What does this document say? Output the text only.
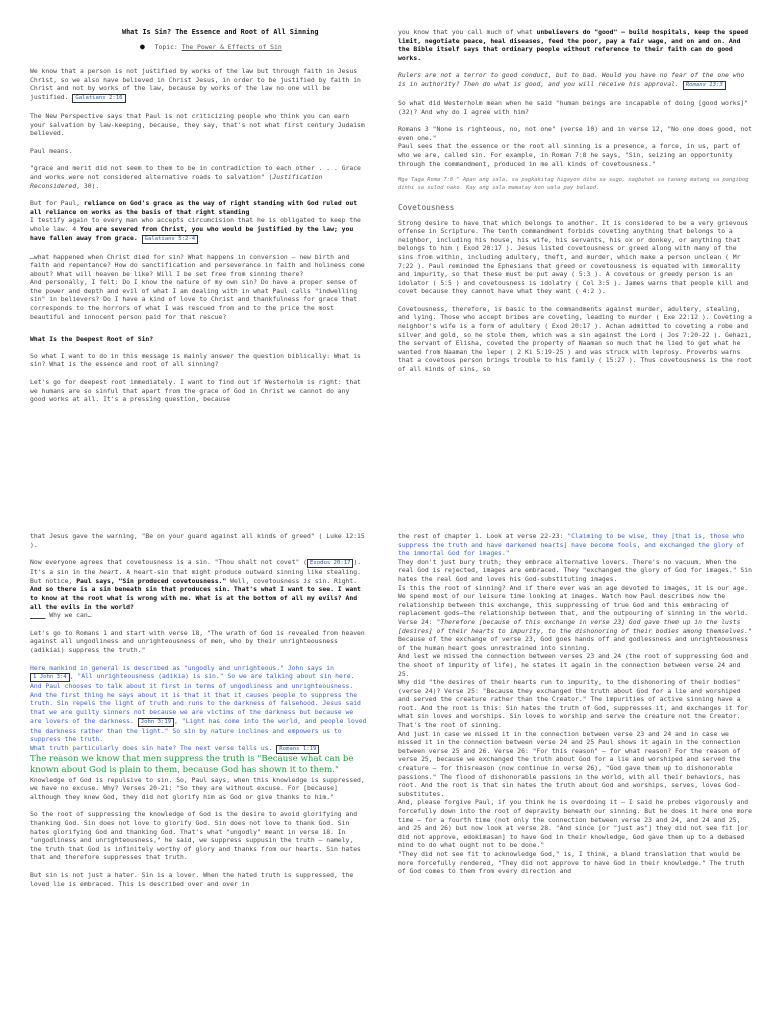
What Is Sin? The Essence and Root of All Sinning
● Topic: The Power & Effects of Sin

We know that a person is not justified by works of the law but through faith in Jesus Christ, so we also have believed in Christ Jesus, in order to be justified by faith in Christ and not by works of the law, because by works of the law no one will be justified. Galatians 2:16

The New Perspective says that Paul is not criticizing people who think you can earn your salvation by law-keeping, because, they say, that's not what first century Judaism believed.

Paul means.

"grace and merit did not seem to them to be in contradiction to each other . . . Grace and works were not considered alternative roads to salvation" (Justification Reconsidered, 30).

But for Paul, reliance on God's grace as the way of right standing with God ruled out all reliance on works as the basis of that right standing
I testify again to every man who accepts circumcision that he is obligated to keep the whole law. 4 You are severed from Christ, you who would be justified by the law; you have fallen away from grace. Galatians 5:2-4

…what happened when Christ died for sin? What happens in conversion — new birth and faith and repentance? How do sanctification and perseverance in faith and holiness come about? What will heaven be like? Will I be set free from sinning there?
And personally, I felt: Do I know the nature of my own sin? Do have a proper sense of the power and depth and evil of what I am dealing with in what Paul calls "indwelling sin" in believers? Do I have a kind of love to Christ and thankfulness for grace that corresponds to the horrors of what I was rescued from and to the price the most beautiful and innocent person paid for that rescue?

What Is the Deepest Root of Sin?

So what I want to do in this message is mainly answer the question biblically: What is sin? What is the essence and root of all sinning?

Let's go for deepest root immediately. I want to find out if Westerholm is right: that we humans are so sinful that apart from the grace of God in Christ we cannot do any good works at all. It's a pressing question, because

you know that you call much of what unbelievers do "good" — build hospitals, keep the speed limit, negotiate peace, heal diseases, feed the poor, pay a fair wage, and on and on. And the Bible itself says that ordinary people without reference to their faith can do good works.

Rulers are not a terror to good conduct, but to bad. Would you have no fear of the one who is in authority? Then do what is good, and you will receive his approval. Romans 13:3

So what did Westerholm mean when he said "human beings are incapable of doing [good works]" (32)? And why do I agree with him?

Romans 3 "None is righteous, no, not one" (verse 10) and in verse 12, "No one does good, not even one."
Paul sees that the essence or the root all sinning is a presence, a force, in us, part of who we are, called sin. For example, in Roman 7:8 he says, "Sin, seizing an opportunity through the commandment, produced in me all kinds of covetousness."

Mga Taga Roma 7:8 ^ Apan ang sala, sa pagkakitag higayon diha sa sugo, nagbuhat sa tanang matang sa pangibog dinhi sa sulod nako. Kay ang sala mamatay kon wala pay balaod.

Covetousness

Strong desire to have that which belongs to another. It is considered to be a very grievous offense in Scripture. The tenth commandment forbids coveting anything that belongs to a neighbor, including his house, his wife, his servants, his ox or donkey, or anything that belongs to him ( Exod 20:17 ). Jesus listed covetousness or greed along with many of the sins from within, including adultery, theft, and murder, which make a person unclean ( Mr 7:22 ). Paul reminded the Ephesians that greed or covetousness is equated with immorality and impurity, so that these must be put away ( 5:3 ). A covetous or greedy person is an idolator ( 5:5 ) and covetousness is idolatry ( Col 3:5 ). James warns that people kill and covet because they cannot have what they want ( 4:2 ).

Covetousness, therefore, is basic to the commandments against murder, adultery, stealing, and lying. Those who accept bribes are coveting, leading to murder ( Exe 22:12 ). Coveting a neighbor's wife is a form of adultery ( Exod 20:17 ). Achan admitted to coveting a robe and silver and gold, so he stole them, which was a sin against the Lord ( Jos 7:20-22 ). Gehazi, the servant of Elisha, coveted the property of Naaman so much that he lied to get what he wanted from Naaman the leper ( 2 Ki 5:19-25 ) and was struck with leprosy. Proverbs warns that a covetous person brings trouble to his family ( 15:27 ). Thus covetousness is the root of all kinds of sins, so

that Jesus gave the warning, "Be on your guard against all kinds of greed" ( Luke 12:15 ).

Now everyone agrees that covetousness is a sin. "Thou shalt not covet" ( Exodus 20:17 ). It's a sin in the heart. A heart-sin that might produce outward sinning like stealing. But notice, Paul says, "Sin produced covetousness." Well, covetousness is sin. Right. And so there is a sin beneath sin that produces sin. That's what I want to see. I want to know at the root what is wrong with me. What is at the bottom of all my evils? And all the evils in the world?
____ Why we can…

Let's go to Romans 1 and start with verse 18, "The wrath of God is revealed from heaven against all ungodliness and unrighteousness of men, who by their unrighteousness (adikiai) suppress the truth."

Here mankind in general is described as "ungodly and unrighteous." John says in 1 John 3:4 , "All unrighteousness (adikia) is sin." So we are talking about sin here. And Paul chooses to talk about it first in terms of ungodliness and unrighteousness.
And the first thing he says about it is that it that it causes people to suppress the truth. Sin repels the light of truth and runs to the darkness of falsehood. Jesus said that we are guilty sinners not because we are victims of the darkness but because we are lovers of the darkness. John 3:19 , "Light has come into the world, and people loved the darkness rather than the light." So sin by nature inclines and empowers us to suppress the truth.
What truth particularly does sin hate? The next verse tells us. Romans 1:19

The reason we know that men suppress the truth is "Because what can be known about God is plain to them, because God has shown it to them." Knowledge of God is repulsive to sin. So, Paul says, when this knowledge is suppressed, we have no excuse. Why? Verses 20-21: "So they are without excuse. For [because] although they knew God, they did not glorify him as God or give thanks to him."

So the root of suppressing the knowledge of God is the desire to avoid glorifying and thanking God. Sin does not love to glorify God. Sin does not love to thank God. Sin hates glorifying God and thanking God. That's what "ungodly" meant in verse 18. In "ungodliness and unrighteousness," he said, we suppress suppusin the truth – namely, the truth that God is infinitely worthy of glory and thanks from our hearts. Sin hates that and therefore suppresses that truth.

But sin is not just a hater. Sin is a lover. When the hated truth is suppressed, the loved lie is embraced. This is described over and over in

the rest of chapter 1. Look at verse 22-23: "Claiming to be wise, they [that is, those who suppress the truth and have darkened hearts] have become fools, and exchanged the glory of the immortal God for images."
They don't just bury truth; they embrace alternative lovers. There's no vacuum. When the real God is rejected, images are embraced. They "exchanged the glory of God for images." Sin hates the real God and loves his God-substituting images.
Is this the root of sinning? And if there ever was an age devoted to images, it is our age. We spend most of our leisure time looking at images. Watch how Paul describes now the relationship between this exchange, this suppressing of true God and this embracing of replacement gods—the relationship between that, and the outpouring of sinning in the world.
Verse 24: "Therefore [because of this exchange in verse 23] God gave them up in the lusts [desires] of their hearts to impurity, to the dishonoring of their bodies among themselves." Because of the exchange of verse 23, God goes hands off and godlessness and unrighteousness of the human heart goes unrestrained into sinning.
And lest we missed the connection between verses 23 and 24 (the root of suppressing God and the shoot of impurity of life), he states it again in the connection between verse 24 and 25.
Why did "the desires of their hearts run to impurity, to the dishonoring of their bodies" (verse 24)? Verse 25: "Because they exchanged the truth about God for a lie and worshiped and served the creature rather than the Creator." The impurities of active sinning have a root. And the root is this: Sin hates the truth of God, suppresses it, and exchanges it for what sin loves and worships. Sin loves to worship and serve the creature not the Creator. That's the root of sinning.
And just in case we missed it in the connection between verse 23 and 24 and in case we missed it in the connection between verse 24 and 25 Paul shows it again in the connection between verse 25 and 26. Verse 26: "For this reason" – for what reason? For the reason of verse 25, because we exchanged the truth about God for a lie and worshiped and served the creature – for thisreason (now continue in verse 26), "God gave them up to dishonorable passions." The flood of dishonorable passions in the world, with all their behaviors, has root. And the root is that sin hates the truth about God and worships, serves, loves God-substitutes.
And, please forgive Paul, if you think he is overdoing it — I said he probes vigorously and forcefully down into the root of depravity beneath our sinning. But he does it here one more time — for a fourth time (not only the connection between verse 23 and 24, and 24 and 25, and 25 and 26) but now look at verse 28. "And since [or "just as"] they did not see fit [or did not approve, edokimasan] to have God in their knowledge, God gave them up to a debased mind to do what ought not to be done."
"They did not see fit to acknowledge God," is, I think, a bland translation that would be more forcefully rendered, "They did not approve to have God in their knowledge." The truth of God comes to them from every direction and
